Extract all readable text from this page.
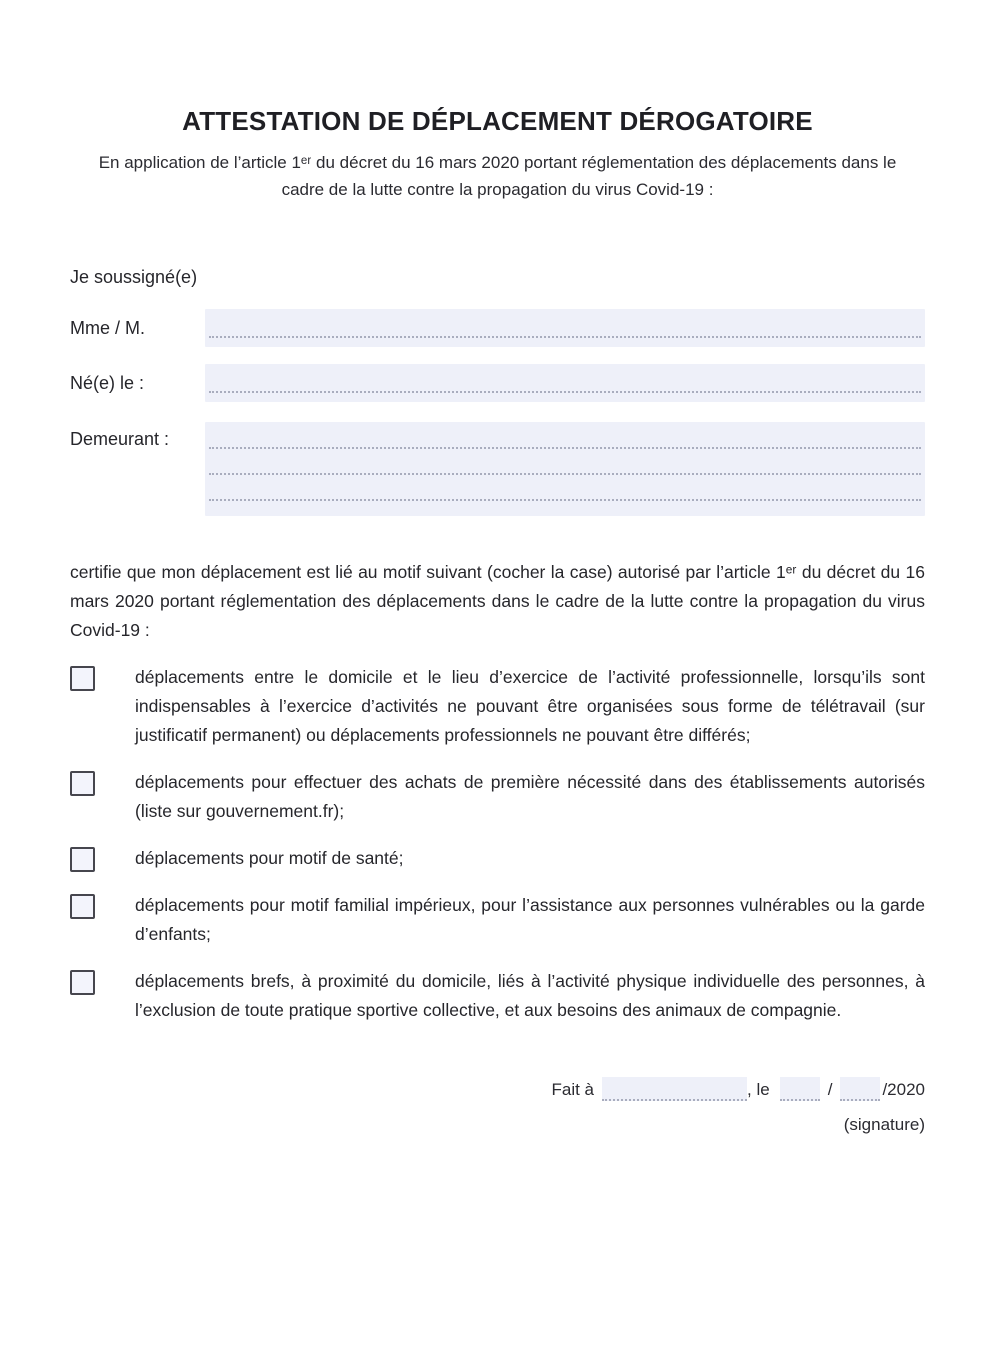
ATTESTATION DE DÉPLACEMENT DÉROGATOIRE

En application de l’article 1ᵉʳ du décret du 16 mars 2020 portant réglementation des déplacements dans le cadre de la lutte contre la propagation du virus Covid-19 :

Je soussigné(e)

Mme / M.
Né(e) le :
Demeurant :

certifie que mon déplacement est lié au motif suivant (cocher la case) autorisé par l’article 1ᵉʳ du décret du 16 mars 2020 portant réglementation des déplacements dans le cadre de la lutte contre la propagation du virus Covid-19 :

déplacements entre le domicile et le lieu d’exercice de l’activité professionnelle, lorsqu’ils sont indispensables à l’exercice d’activités ne pouvant être organisées sous forme de télétravail (sur justificatif permanent) ou déplacements professionnels ne pouvant être différés;
déplacements pour effectuer des achats de première nécessité dans des établissements autorisés (liste sur gouvernement.fr);
déplacements pour motif de santé;
déplacements pour motif familial impérieux, pour l’assistance aux personnes vulnérables ou la garde d’enfants;
déplacements brefs, à proximité du domicile, liés à l’activité physique individuelle des personnes, à l’exclusion de toute pratique sportive collective, et aux besoins des animaux de compagnie.
Fait à	, le	/	/2020

(signature)
